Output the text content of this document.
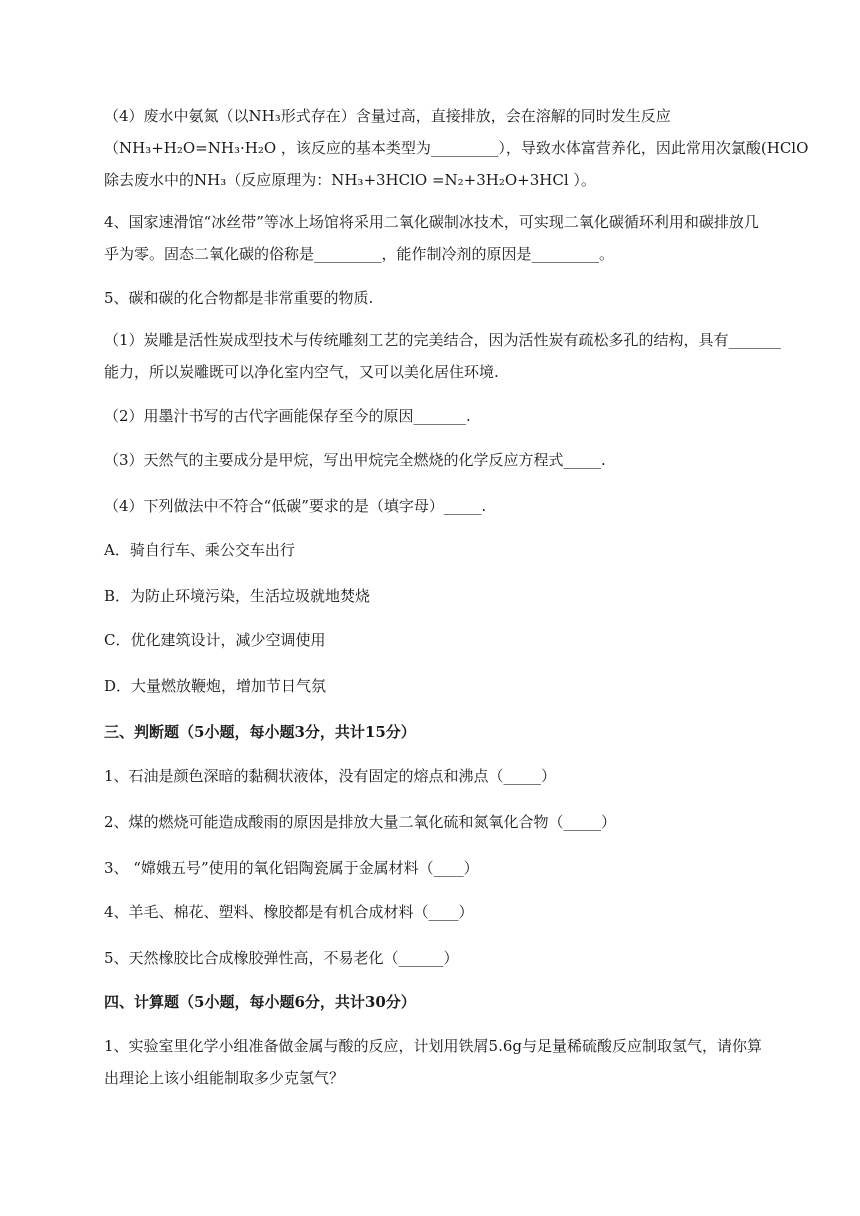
（4）废水中氨氮（以NH₃形式存在）含量过高，直接排放，会在溶解的同时发生反应
（NH₃+H₂O=NH₃·H₂O ，该反应的基本类型为_________），导致水体富营养化，因此常用次氯酸(HClO
除去废水中的NH₃（反应原理为：NH₃+3HClO =N₂+3H₂O+3HCl ）。
4、国家速滑馆“冰丝带”等冰上场馆将采用二氧化碳制冰技术，可实现二氧化碳循环利用和碳排放几
乎为零。固态二氧化碳的俗称是_________，能作制冷剂的原因是_________。
5、碳和碳的化合物都是非常重要的物质.
（1）炭雕是活性炭成型技术与传统雕刻工艺的完美结合，因为活性炭有疏松多孔的结构，具有_______
能力，所以炭雕既可以净化室内空气，又可以美化居住环境.
（2）用墨汁书写的古代字画能保存至今的原因_______.
（3）天然气的主要成分是甲烷，写出甲烷完全燃烧的化学反应方程式_____.
（4）下列做法中不符合“低碳”要求的是（填字母）_____.
A．骑自行车、乘公交车出行
B．为防止环境污染，生活垃圾就地焚烧
C．优化建筑设计，减少空调使用
D．大量燃放鞭炮，增加节日气氛
三、判断题（5小题，每小题3分，共计15分）
1、石油是颜色深暗的黏稠状液体，没有固定的熔点和沸点（_____）
2、煤的燃烧可能造成酸雨的原因是排放大量二氧化硫和氮氧化合物（_____）
3、 “嫦娥五号”使用的氧化铝陶瓷属于金属材料（____）
4、羊毛、棉花、塑料、橡胶都是有机合成材料（____）
5、天然橡胶比合成橡胶弹性高，不易老化（______）
四、计算题（5小题，每小题6分，共计30分）
1、实验室里化学小组准备做金属与酸的反应，计划用铁屑5.6g与足量稀硫酸反应制取氢气，请你算
出理论上该小组能制取多少克氢气？
